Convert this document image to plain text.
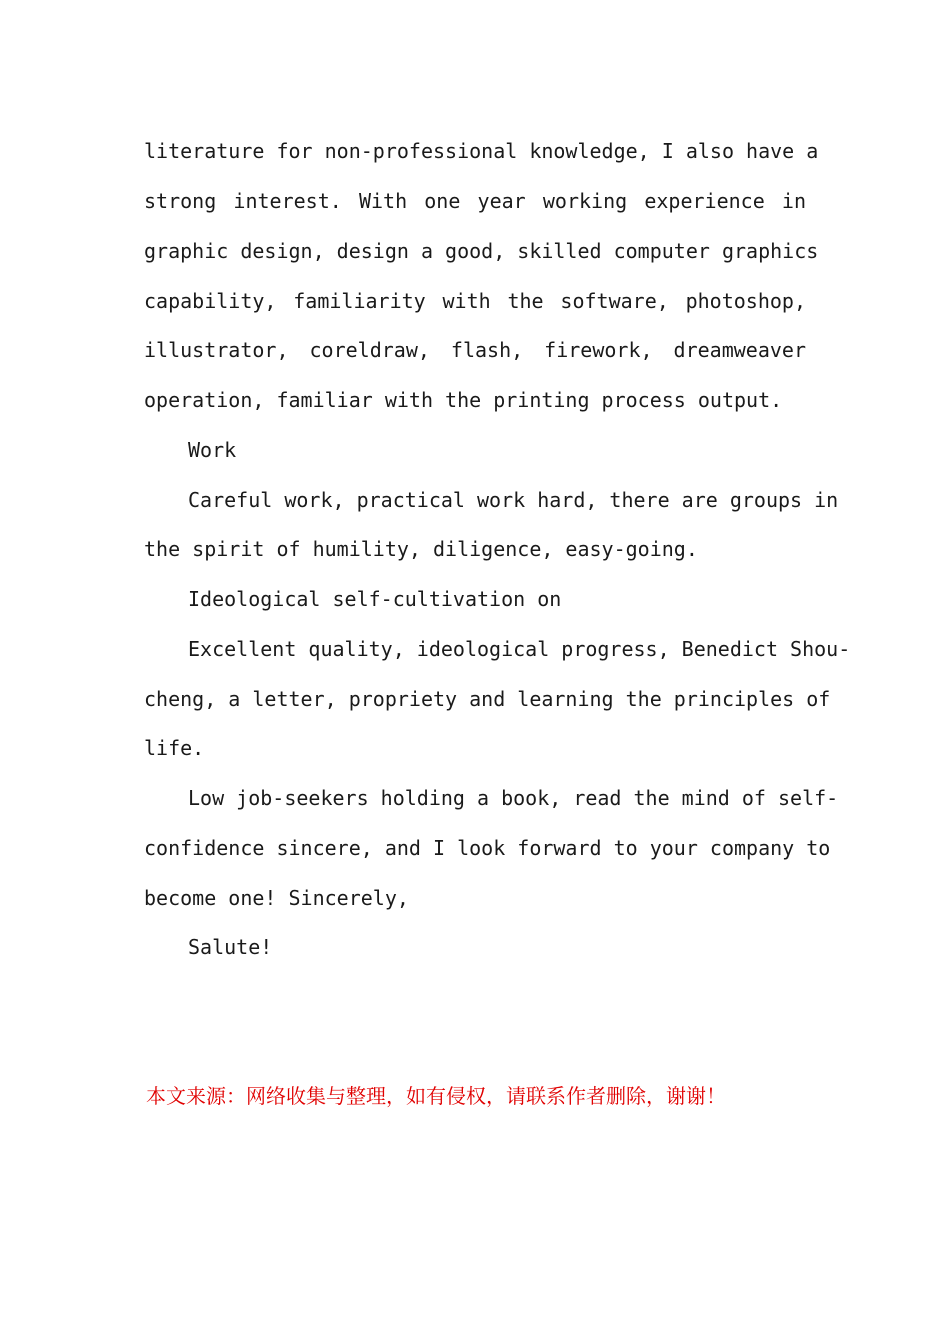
literature for non-professional knowledge, I also have a
strong interest. With one year working experience in
graphic design, design a good, skilled computer graphics
capability, familiarity with the software, photoshop,
illustrator, coreldraw, flash, firework, dreamweaver
operation, familiar with the printing process output.
Work
Careful work, practical work hard, there are groups in
the spirit of humility, diligence, easy-going.
Ideological self-cultivation on
Excellent quality, ideological progress, Benedict Shou-
cheng, a letter, propriety and learning the principles of
life.
Low job-seekers holding a book, read the mind of self-
confidence sincere, and I look forward to your company to
become one! Sincerely,
Salute!
本文来源：网络收集与整理，如有侵权，请联系作者删除，谢谢！
